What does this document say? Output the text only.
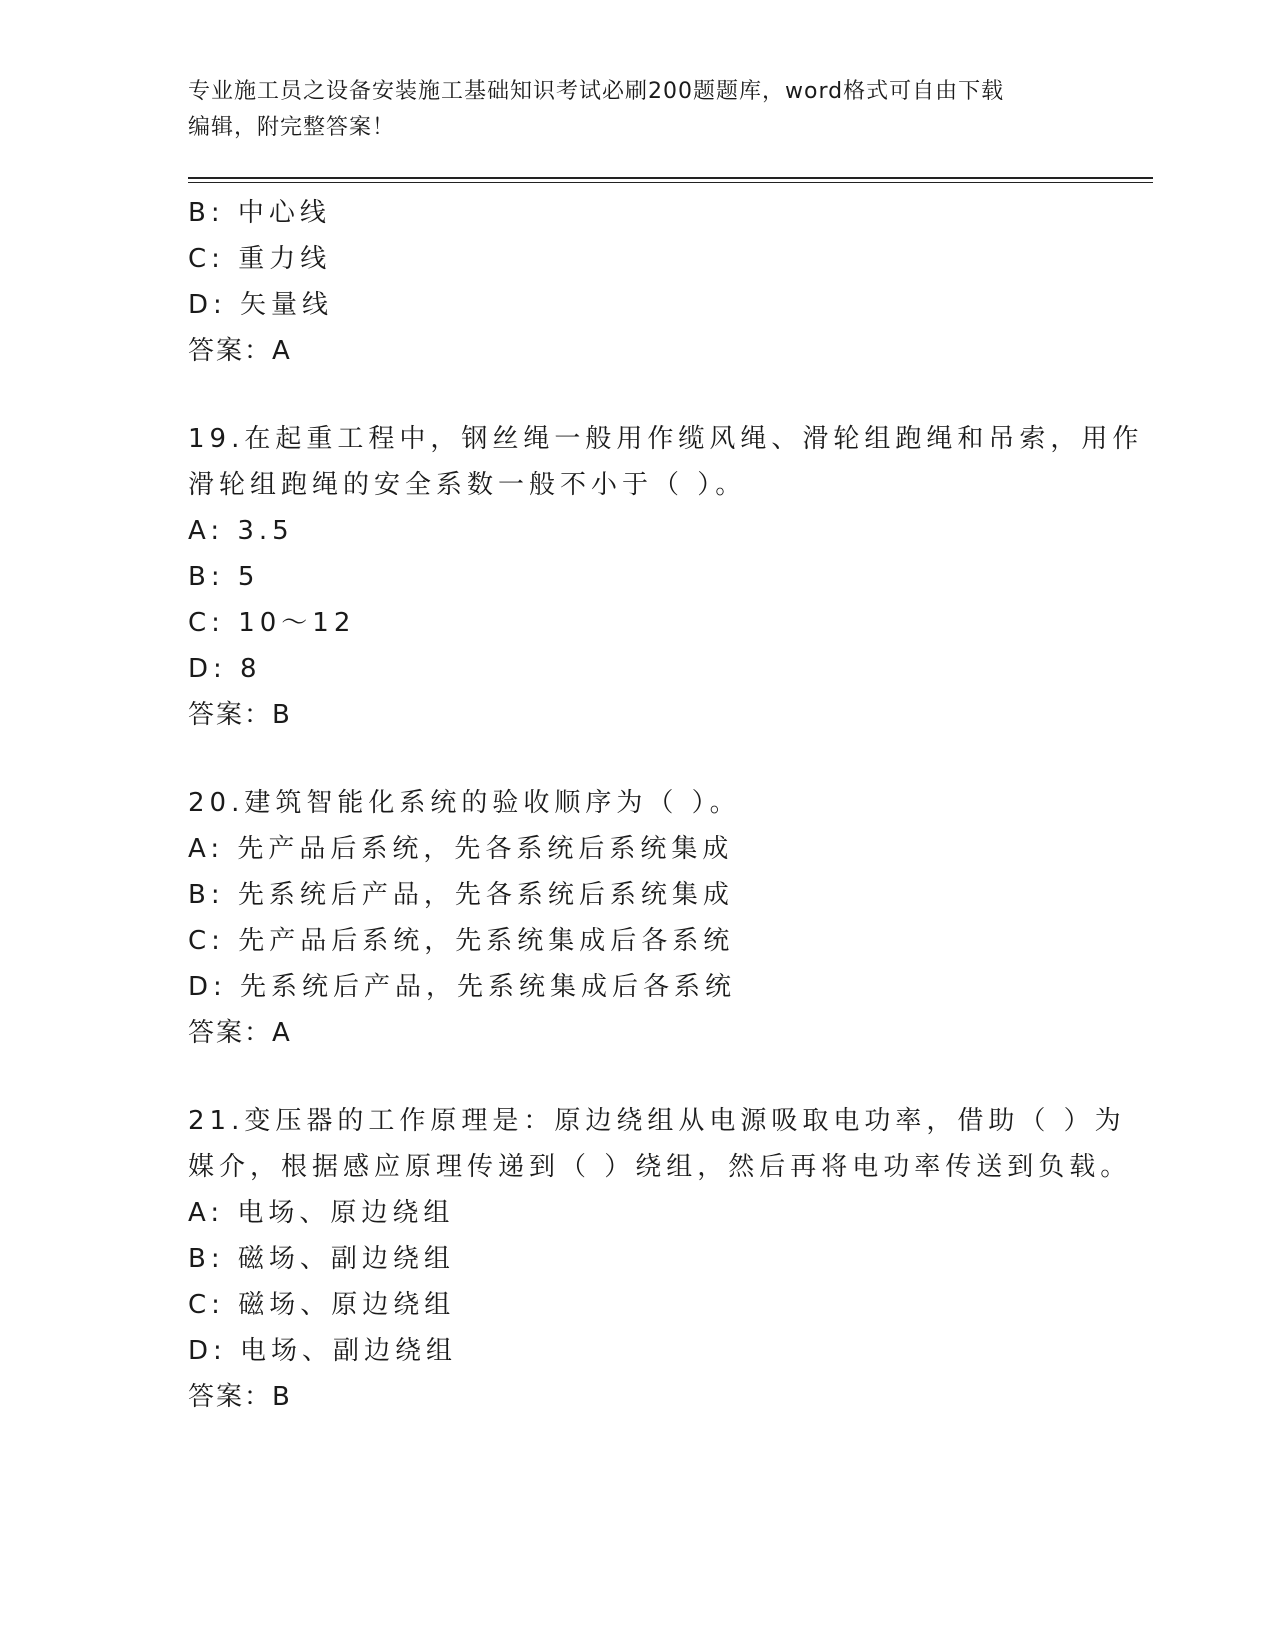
专业施工员之设备安装施工基础知识考试必刷200题题库，word格式可自由下载
编辑，附完整答案！
B: 中心线
C: 重力线
D: 矢量线
答案：A
19.在起重工程中，钢丝绳一般用作缆风绳、滑轮组跑绳和吊索，用作
滑轮组跑绳的安全系数一般不小于（ ）。
A: 3.5
B: 5
C: 10～12
D: 8
答案：B
20.建筑智能化系统的验收顺序为（ ）。
A: 先产品后系统，先各系统后系统集成
B: 先系统后产品，先各系统后系统集成
C: 先产品后系统，先系统集成后各系统
D: 先系统后产品，先系统集成后各系统
答案：A
21.变压器的工作原理是：原边绕组从电源吸取电功率，借助（ ）为
媒介，根据感应原理传递到（ ）绕组，然后再将电功率传送到负载。
A: 电场、原边绕组
B: 磁场、副边绕组
C: 磁场、原边绕组
D: 电场、副边绕组
答案：B
